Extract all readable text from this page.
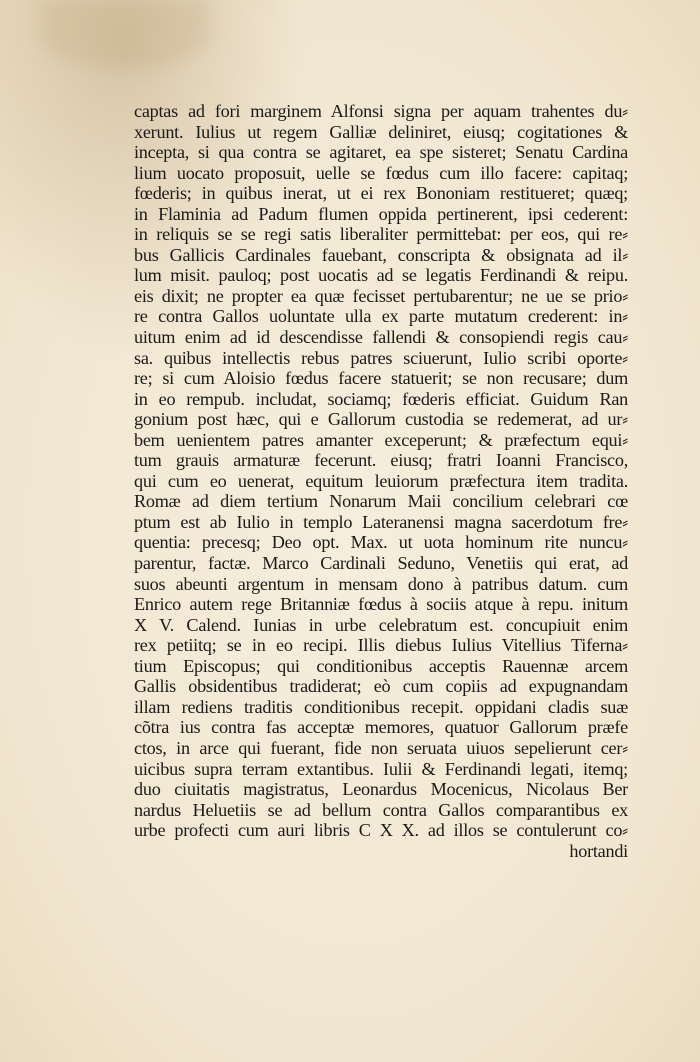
captas ad fori marginem Alfonsi signa per aquam trahentes du⸗
xerunt. Iulius ut regem Galliæ deliniret, eiusq; cogitationes &
incepta, si qua contra se agitaret, ea spe sisteret; Senatu Cardina
lium uocato proposuit, uelle se fœdus cum illo facere: capitaq;
fœderis; in quibus inerat, ut ei rex Bononiam restitueret; quæq;
in Flaminia ad Padum flumen oppida pertinerent, ipsi cederent:
in reliquis se se regi satis liberaliter permittebat: per eos, qui re⸗
bus Gallicis Cardinales fauebant, conscripta & obsignata ad il⸗
lum misit. pauloq; post uocatis ad se legatis Ferdinandi & reipu.
eis dixit; ne propter ea quæ fecisset pertubarentur; ne ue se prio⸗
re contra Gallos uoluntate ulla ex parte mutatum crederent: in⸗
uitum enim ad id descendisse fallendi & consopiendi regis cau⸗
sa. quibus intellectis rebus patres sciuerunt, Iulio scribi oporte⸗
re; si cum Aloisio fœdus facere statuerit; se non recusare; dum
in eo rempub. includat, sociamq; fœderis efficiat. Guidum Ran
gonium post hæc, qui e Gallorum custodia se redemerat, ad ur⸗
bem uenientem patres amanter exceperunt; & præfectum equi⸗
tum grauis armaturæ fecerunt. eiusq; fratri Ioanni Francisco,
qui cum eo uenerat, equitum leuiorum præfectura item tradita.
Romæ ad diem tertium Nonarum Maii concilium celebrari cœ
ptum est ab Iulio in templo Lateranensi magna sacerdotum fre⸗
quentia: precesq; Deo opt. Max. ut uota hominum rite nuncu⸗
parentur, factæ. Marco Cardinali Seduno, Venetiis qui erat, ad
suos abeunti argentum in mensam dono à patribus datum. cum
Enrico autem rege Britanniæ fœdus à sociis atque à repu. initum
X V. Calend. Iunias in urbe celebratum est. concupiuit enim
rex petiitq; se in eo recipi. Illis diebus Iulius Vitellius Tiferna⸗
tium Episcopus; qui conditionibus acceptis Rauennæ arcem
Gallis obsidentibus tradiderat; eò cum copiis ad expugnandam
illam rediens traditis conditionibus recepit. oppidani cladis suæ
cõtra ius contra fas acceptæ memores, quatuor Gallorum præfe
ctos, in arce qui fuerant, fide non seruata uiuos sepelierunt cer⸗
uicibus supra terram extantibus. Iulii & Ferdinandi legati, itemq;
duo ciuitatis magistratus, Leonardus Mocenicus, Nicolaus Ber
nardus Heluetiis se ad bellum contra Gallos comparantibus ex
urbe profecti cum auri libris C X X. ad illos se contulerunt co⸗
hortandi
